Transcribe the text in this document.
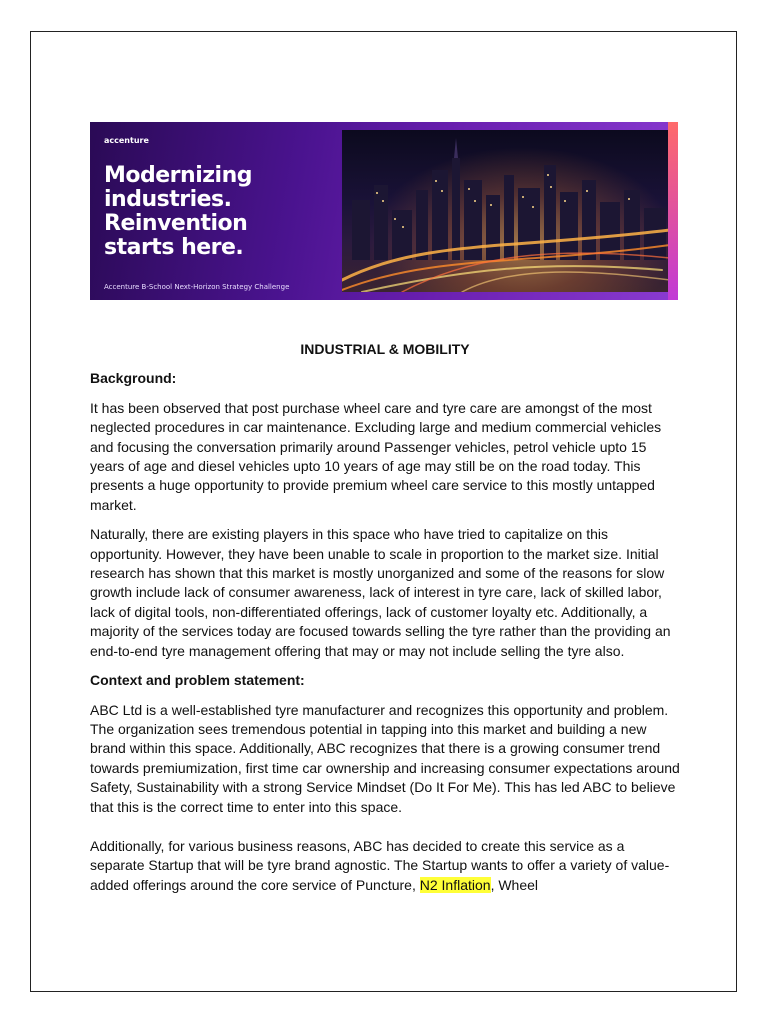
accenture
Modernizing
industries.
Reinvention
starts here.
Accenture B-School Next-Horizon Strategy Challenge

INDUSTRIAL & MOBILITY

Background:

It has been observed that post purchase wheel care and tyre care are amongst of the most neglected procedures in car maintenance. Excluding large and medium commercial vehicles and focusing the conversation primarily around Passenger vehicles, petrol vehicle upto 15 years of age and diesel vehicles upto 10 years of age may still be on the road today. This presents a huge opportunity to provide premium wheel care service to this mostly untapped market.

Naturally, there are existing players in this space who have tried to capitalize on this opportunity. However, they have been unable to scale in proportion to the market size. Initial research has shown that this market is mostly unorganized and some of the reasons for slow growth include lack of consumer awareness, lack of interest in tyre care, lack of skilled labor, lack of digital tools, non-differentiated offerings, lack of customer loyalty etc. Additionally, a majority of the services today are focused towards selling the tyre rather than the providing an end-to-end tyre management offering that may or may not include selling the tyre also.

Context and problem statement:

ABC Ltd is a well-established tyre manufacturer and recognizes this opportunity and problem. The organization sees tremendous potential in tapping into this market and building a new brand within this space. Additionally, ABC recognizes that there is a growing consumer trend towards premiumization, first time car ownership and increasing consumer expectations around Safety, Sustainability with a strong Service Mindset (Do It For Me). This has led ABC to believe that this is the correct time to enter into this space.

Additionally, for various business reasons, ABC has decided to create this service as a separate Startup that will be tyre brand agnostic. The Startup wants to offer a variety of value-added offerings around the core service of Puncture, N2 Inflation, Wheel
